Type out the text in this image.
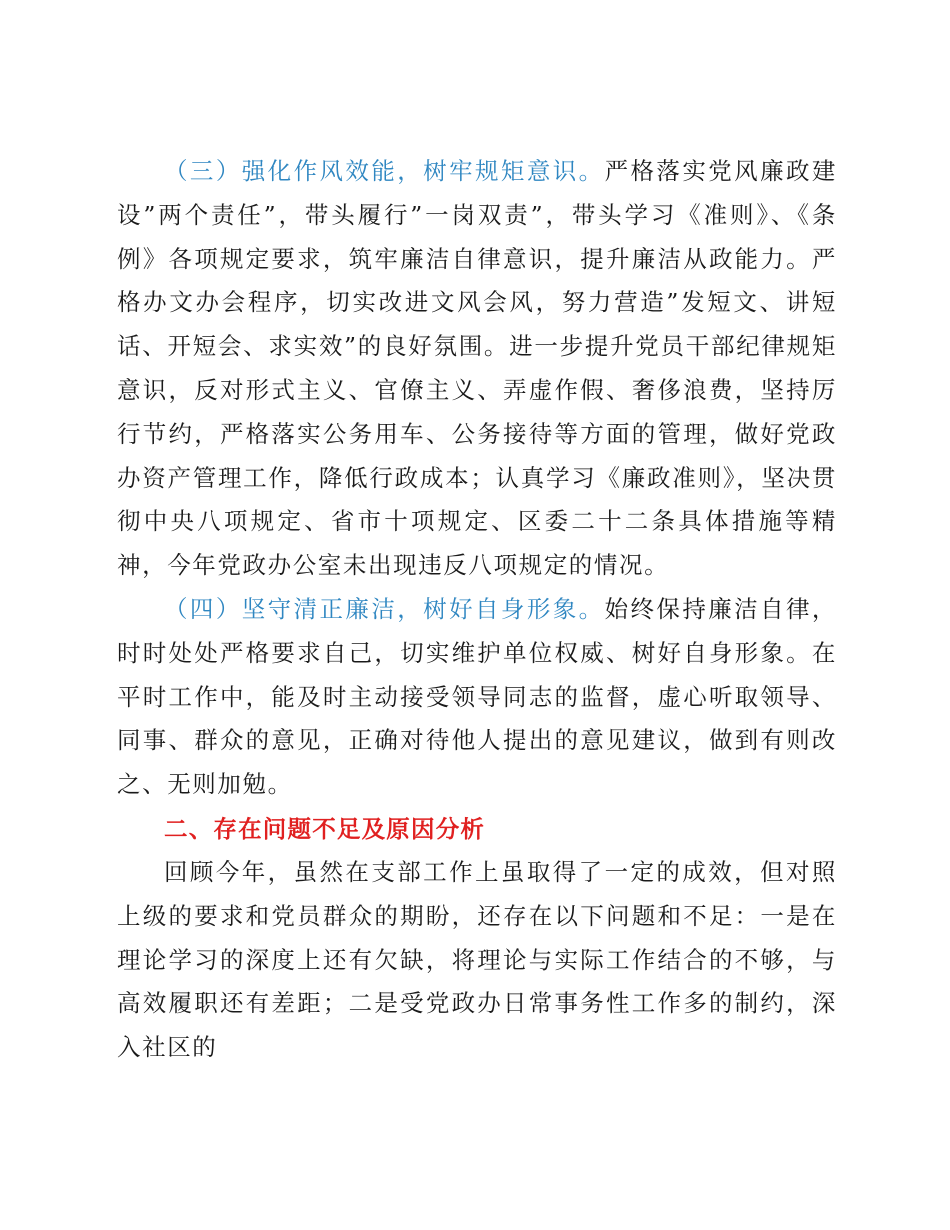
（三）强化作风效能，树牢规矩意识。严格落实党风廉政建设”两个责任”，带头履行”一岗双责”，带头学习《准则》、《条例》各项规定要求，筑牢廉洁自律意识，提升廉洁从政能力。严格办文办会程序，切实改进文风会风，努力营造”发短文、讲短话、开短会、求实效”的良好氛围。进一步提升党员干部纪律规矩意识，反对形式主义、官僚主义、弄虚作假、奢侈浪费，坚持厉行节约，严格落实公务用车、公务接待等方面的管理，做好党政办资产管理工作，降低行政成本；认真学习《廉政准则》，坚决贯彻中央八项规定、省市十项规定、区委二十二条具体措施等精神，今年党政办公室未出现违反八项规定的情况。

（四）坚守清正廉洁，树好自身形象。始终保持廉洁自律，时时处处严格要求自己，切实维护单位权威、树好自身形象。在平时工作中，能及时主动接受领导同志的监督，虚心听取领导、同事、群众的意见，正确对待他人提出的意见建议，做到有则改之、无则加勉。

二、存在问题不足及原因分析

回顾今年，虽然在支部工作上虽取得了一定的成效，但对照上级的要求和党员群众的期盼，还存在以下问题和不足：一是在理论学习的深度上还有欠缺，将理论与实际工作结合的不够，与高效履职还有差距；二是受党政办日常事务性工作多的制约，深入社区的
